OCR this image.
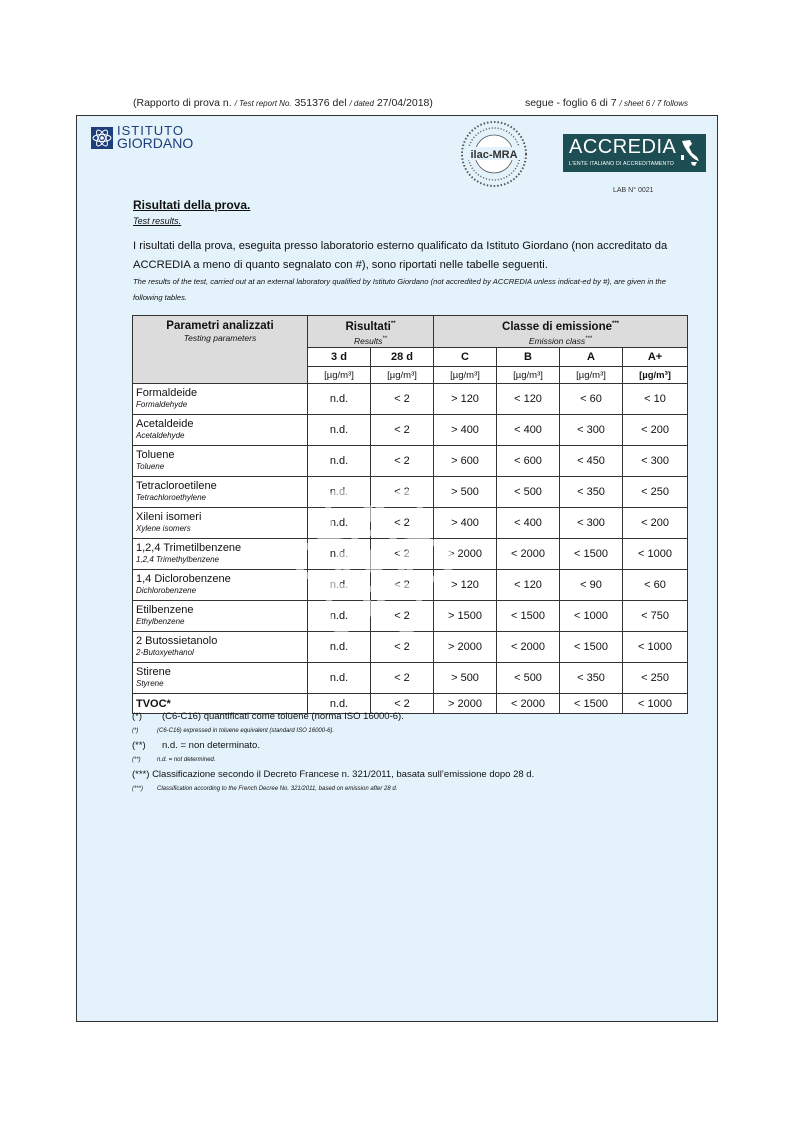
(Rapporto di prova n. / Test report No. 351376 del / dated 27/04/2018)	segue - foglio 6 di 7 / sheet 6 / 7 follows
ISTITUTO
GIORDANO
ilac-MRA	ACCREDIA
L'ENTE ITALIANO DI ACCREDITAMENTO
LAB N° 0021
Risultati della prova.
Test results.
I risultati della prova, eseguita presso laboratorio esterno qualificato da Istituto Giordano (non accreditato da ACCREDIA a meno di quanto segnalato con #), sono riportati nelle tabelle seguenti.
The results of the test, carried out at an external laboratory qualified by Istituto Giordano (not accredited by ACCREDIA unless indicat-ed by #), are given in the following tables.
Parametri analizzati
Testing parameters	Risultati**
Results**		Classe di emissione***
Emission class***

	3 d	28 d	C	B	A	A+
	[µg/m³]	[µg/m³]	[µg/m³]	[µg/m³]	[µg/m³]	[µg/m³]

Formaldeide
Formaldehyde	n.d.	< 2	> 120	< 120	< 60	< 10

Acetaldeide
Acetaldehyde	n.d.	< 2	> 400	< 400	< 300	< 200

Toluene
Toluene	n.d.	< 2	> 600	< 600	< 450	< 300

Tetracloroetilene
Tetrachloroethylene	n.d.	< 2	> 500	< 500	< 350	< 250

Xileni isomeri
Xylene isomers	n.d.	< 2	> 400	< 400	< 300	< 200

1,2,4 Trimetilbenzene
1,2,4 Trimethylbenzene	n.d.	< 2	> 2000	< 2000	< 1500	< 1000

1,4 Diclorobenzene
Dichlorobenzene	n.d.	< 2	> 120	< 120	< 90	< 60

Etilbenzene
Ethylbenzene	n.d.	< 2	> 1500	< 1500	< 1000	< 750

2 Butossietanolo
2-Butoxyethanol	n.d.	< 2	> 2000	< 2000	< 1500	< 1000

Stirene
Styrene	n.d.	< 2	> 500	< 500	< 350	< 250

TVOC*	n.d.	< 2	> 2000	< 2000	< 1500	< 1000
(*) (C6-C16) quantificati come toluene (norma ISO 16000-6).
(*)	(C6-C16) expressed in toluene equivalent (standard ISO 16000-6).
(**) n.d. = non determinato.
(**)	n.d. = not determined.
(***) Classificazione secondo il Decreto Francese n. 321/2011, basata sull’emissione dopo 28 d.
(***) Classification according to the French Decree No. 321/2011, based on emission after 28 d.
